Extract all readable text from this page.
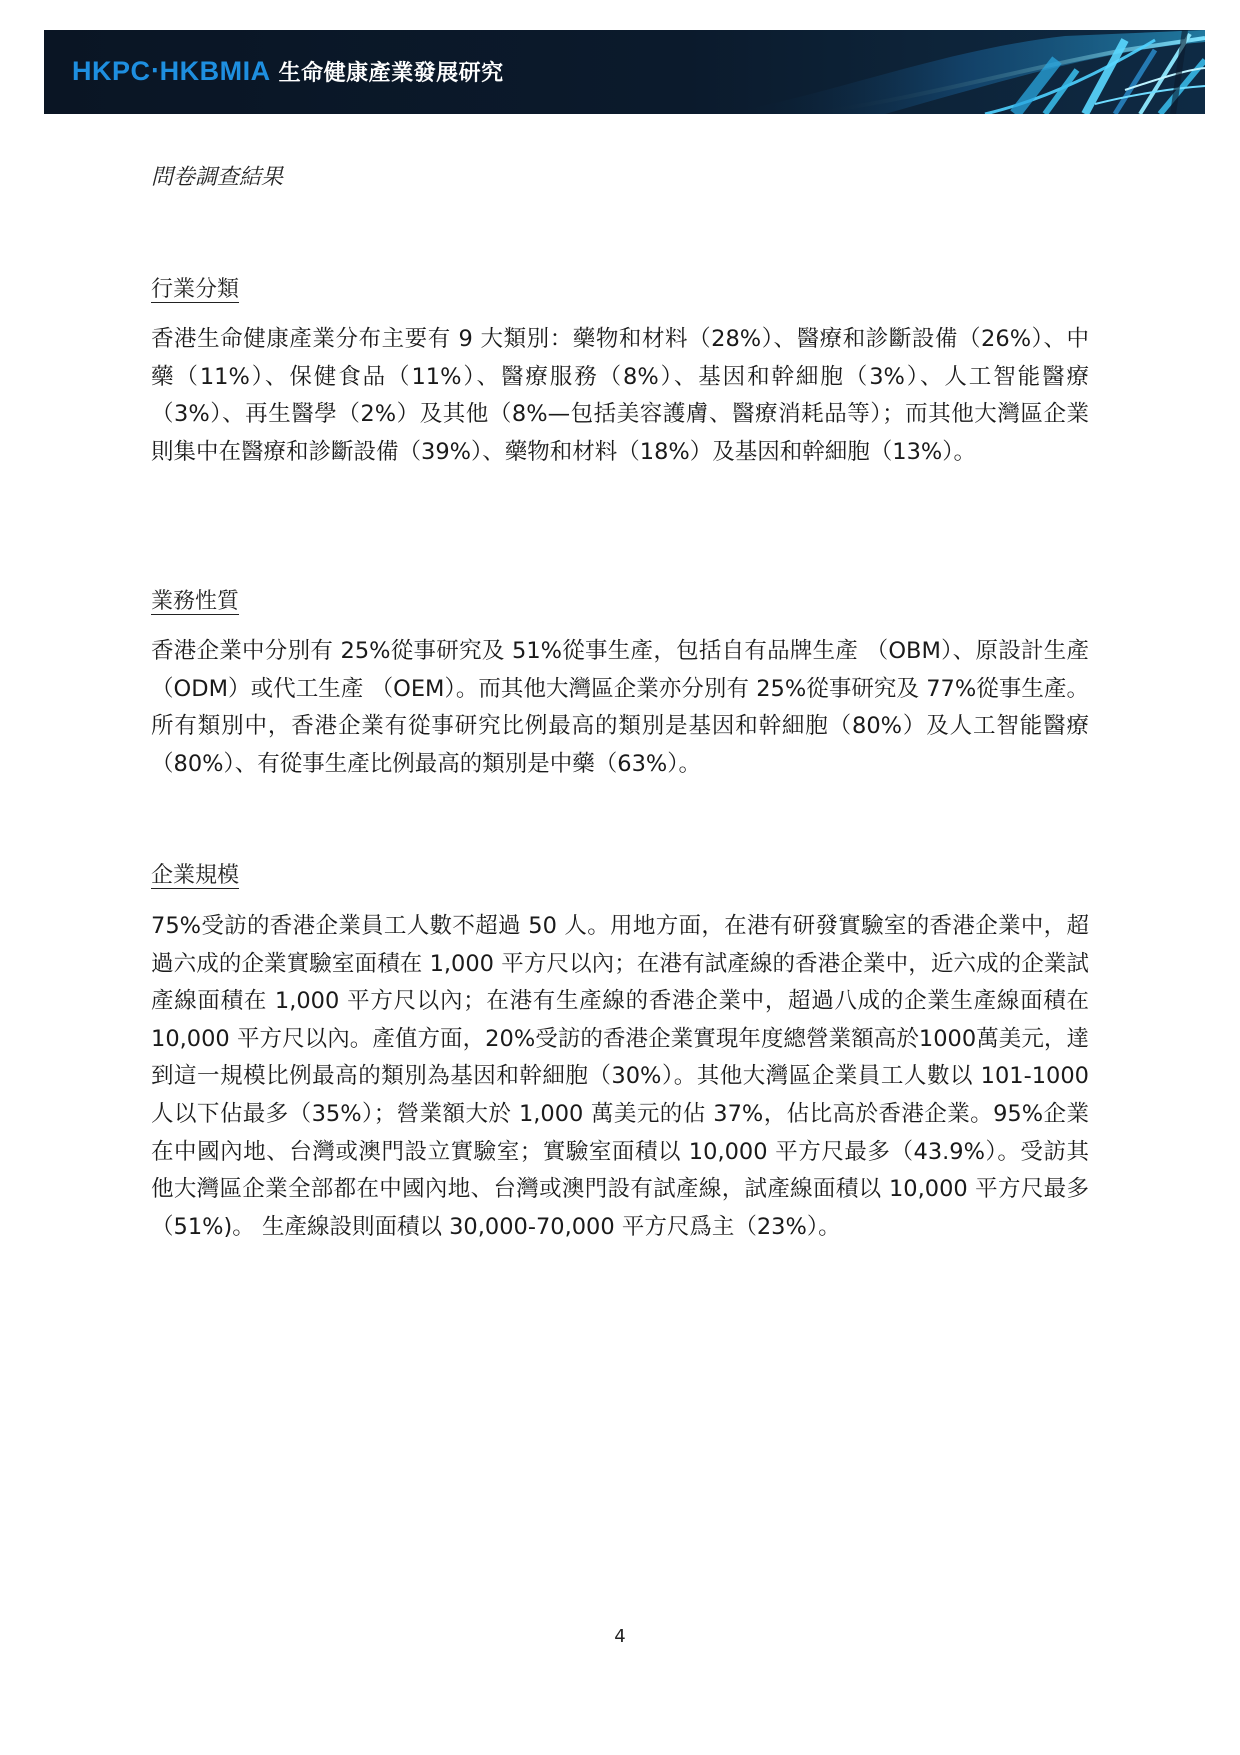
HKPC‧HKBMIA 生命健康產業發展研究
問卷調查結果
行業分類
香港生命健康產業分布主要有 9 大類別：藥物和材料（28%）、醫療和診斷設備（26%）、中藥（11%）、保健食品（11%）、醫療服務（8%）、基因和幹細胞（3%）、人工智能醫療（3%）、再生醫學（2%）及其他（8%—包括美容護膚、醫療消耗品等）；而其他大灣區企業則集中在醫療和診斷設備（39%）、藥物和材料（18%）及基因和幹細胞（13%）。
業務性質
香港企業中分別有 25%從事研究及 51%從事生產，包括自有品牌生產 （OBM）、原設計生產 （ODM）或代工生產 （OEM）。而其他大灣區企業亦分別有 25%從事研究及 77%從事生產。所有類別中，香港企業有從事研究比例最高的類別是基因和幹細胞（80%）及人工智能醫療（80%）、有從事生產比例最高的類別是中藥（63%）。
企業規模
75%受訪的香港企業員工人數不超過 50 人。用地方面，在港有研發實驗室的香港企業中，超過六成的企業實驗室面積在 1,000 平方尺以內；在港有試產線的香港企業中，近六成的企業試產線面積在 1,000 平方尺以內；在港有生產線的香港企業中，超過八成的企業生產線面積在 10,000 平方尺以內。產值方面，20%受訪的香港企業實現年度總營業額高於1000萬美元，達到這一規模比例最高的類別為基因和幹細胞（30%）。其他大灣區企業員工人數以 101-1000 人以下佔最多（35%）；營業額大於 1,000 萬美元的佔 37%，佔比高於香港企業。95%企業在中國內地、台灣或澳門設立實驗室；實驗室面積以 10,000 平方尺最多（43.9%）。受訪其他大灣區企業全部都在中國內地、台灣或澳門設有試產線，試產線面積以 10,000 平方尺最多（51%)。 生產線設則面積以 30,000-70,000 平方尺爲主（23%）。
4
